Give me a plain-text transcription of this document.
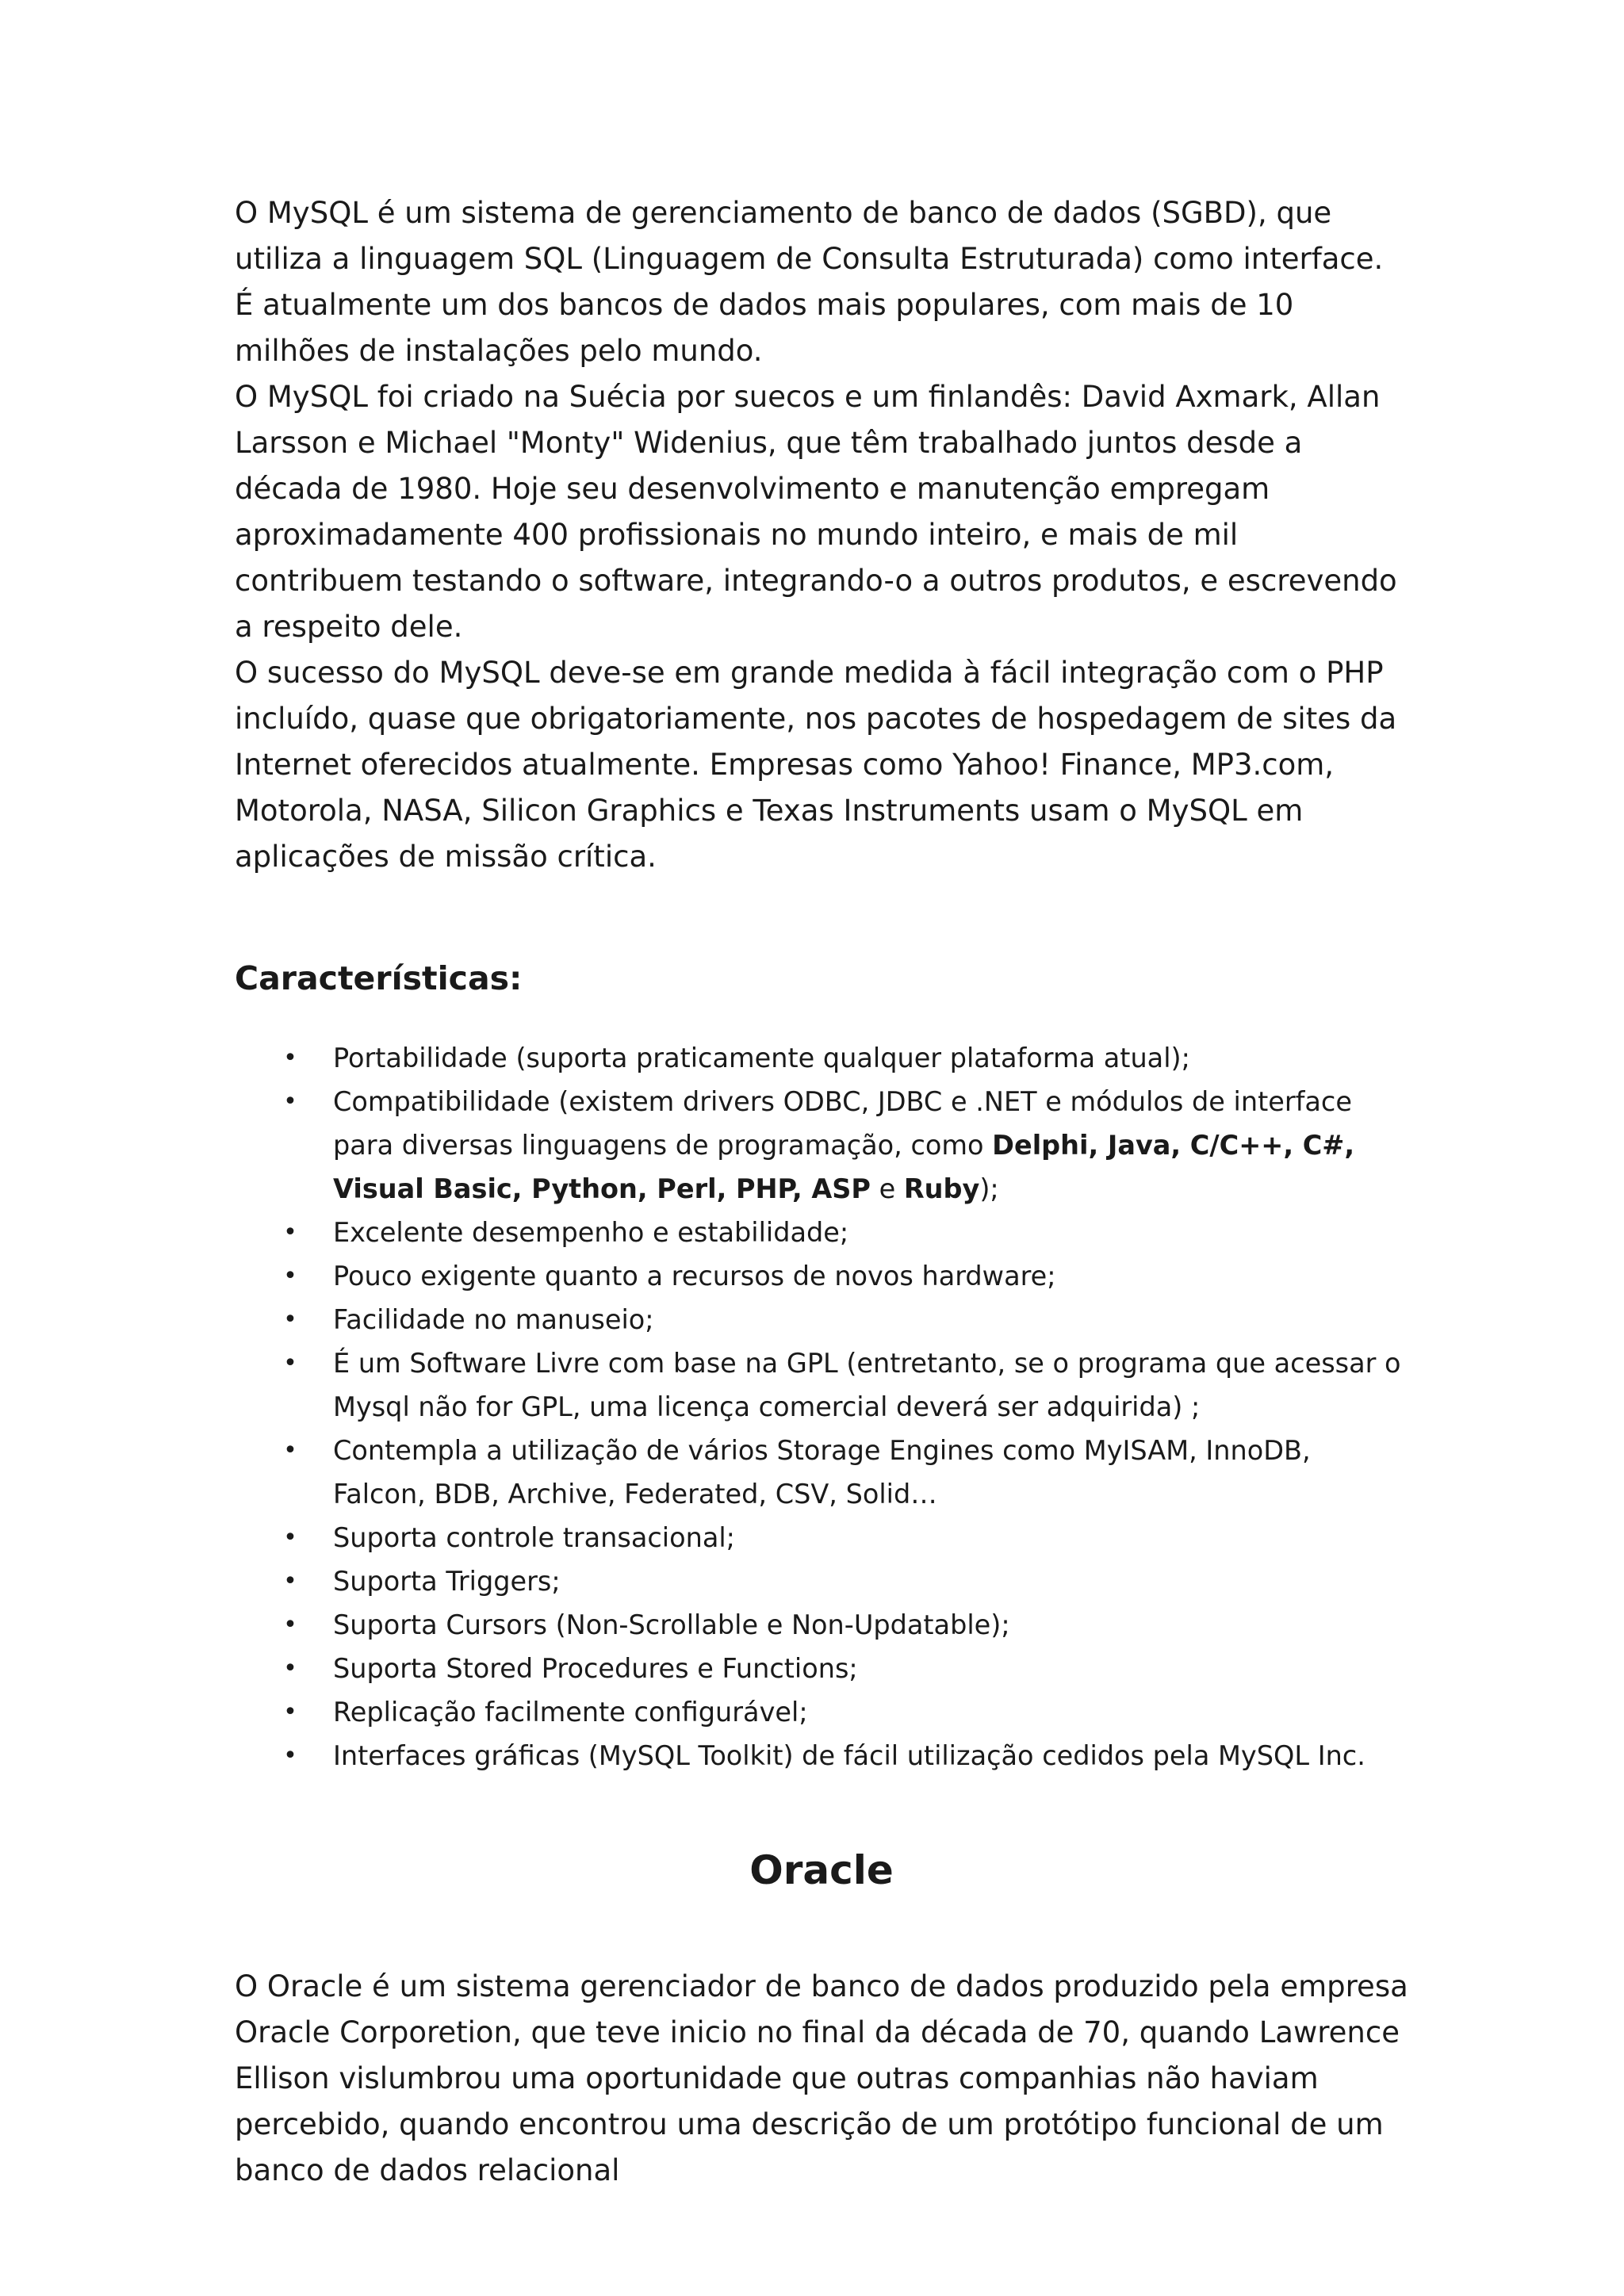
O MySQL é um sistema de gerenciamento de banco de dados (SGBD), que utiliza a linguagem SQL (Linguagem de Consulta Estruturada) como interface. É atualmente um dos bancos de dados mais populares, com mais de 10 milhões de instalações pelo mundo.

O MySQL foi criado na Suécia por suecos e um finlandês: David Axmark, Allan Larsson e Michael "Monty" Widenius, que têm trabalhado juntos desde a década de 1980. Hoje seu desenvolvimento e manutenção empregam aproximadamente 400 profissionais no mundo inteiro, e mais de mil contribuem testando o software, integrando-o a outros produtos, e escrevendo a respeito dele.

O sucesso do MySQL deve-se em grande medida à fácil integração com o PHP incluído, quase que obrigatoriamente, nos pacotes de hospedagem de sites da Internet oferecidos atualmente. Empresas como Yahoo! Finance, MP3.com, Motorola, NASA, Silicon Graphics e Texas Instruments usam o MySQL em aplicações de missão crítica.

Características:
• Portabilidade (suporta praticamente qualquer plataforma atual);
• Compatibilidade (existem drivers ODBC, JDBC e .NET e módulos de interface para diversas linguagens de programação, como Delphi, Java, C/C++, C#, Visual Basic, Python, Perl, PHP, ASP e Ruby);
• Excelente desempenho e estabilidade;
• Pouco exigente quanto a recursos de novos hardware;
• Facilidade no manuseio;
• É um Software Livre com base na GPL (entretanto, se o programa que acessar o Mysql não for GPL, uma licença comercial deverá ser adquirida) ;
• Contempla a utilização de vários Storage Engines como MyISAM, InnoDB, Falcon, BDB, Archive, Federated, CSV, Solid…
• Suporta controle transacional;
• Suporta Triggers;
• Suporta Cursors (Non-Scrollable e Non-Updatable);
• Suporta Stored Procedures e Functions;
• Replicação facilmente configurável;
• Interfaces gráficas (MySQL Toolkit) de fácil utilização cedidos pela MySQL Inc.
Oracle

O Oracle é um sistema gerenciador de banco de dados produzido pela empresa Oracle Corporetion, que teve inicio no final da década de 70, quando Lawrence Ellison vislumbrou uma oportunidade que outras companhias não haviam percebido, quando encontrou uma descrição de um protótipo funcional de um banco de dados relacional
